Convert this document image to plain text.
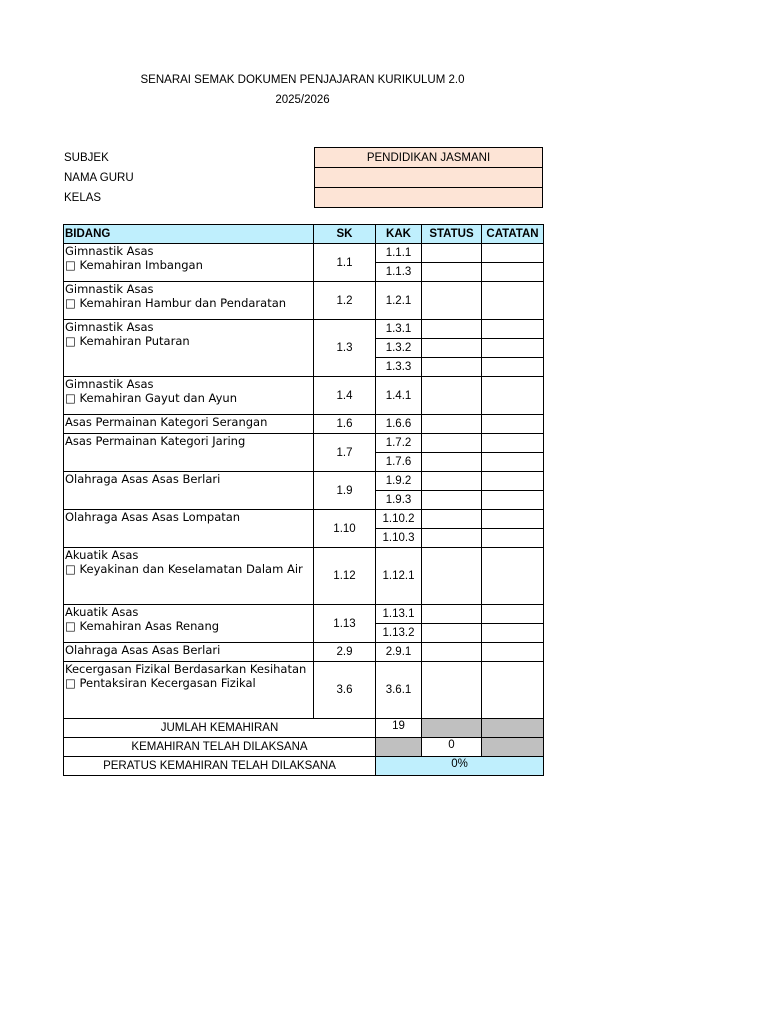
SENARAI SEMAK DOKUMEN PENJAJARAN KURIKULUM 2.0
2025/2026
SUBJEK	PENDIDIKAN JASMANI
NAMA GURU	
KELAS	
BIDANG	SK	KAK	STATUS	CATATAN

Gimnastik Asas
□ Kemahiran Imbangan	1.1	1.1.1		
		1.1.3		

Gimnastik Asas
□ Kemahiran Hambur dan Pendaratan	1.2	1.2.1		

Gimnastik Asas
□ Kemahiran Putaran	1.3	1.3.1		
		1.3.2		
		1.3.3		

Gimnastik Asas
□ Kemahiran Gayut dan Ayun	1.4	1.4.1		

Asas Permainan Kategori Serangan	1.6	1.6.6		

Asas Permainan Kategori Jaring	1.7	1.7.2		
		1.7.6		

Olahraga Asas Asas Berlari	1.9	1.9.2		
		1.9.3		

Olahraga Asas Asas Lompatan	1.10	1.10.2		
		1.10.3		

Akuatik Asas
□ Keyakinan dan Keselamatan Dalam Air	1.12	1.12.1		

Akuatik Asas
□ Kemahiran Asas Renang	1.13	1.13.1		
		1.13.2		

Olahraga Asas Asas Berlari	2.9	2.9.1		

Kecergasan Fizikal Berdasarkan Kesihatan
□ Pentaksiran Kecergasan Fizikal	3.6	3.6.1		
JUMLAH KEMAHIRAN		19		
KEMAHIRAN TELAH DILAKSANA			0	
PERATUS KEMAHIRAN TELAH DILAKSANA		0%		
